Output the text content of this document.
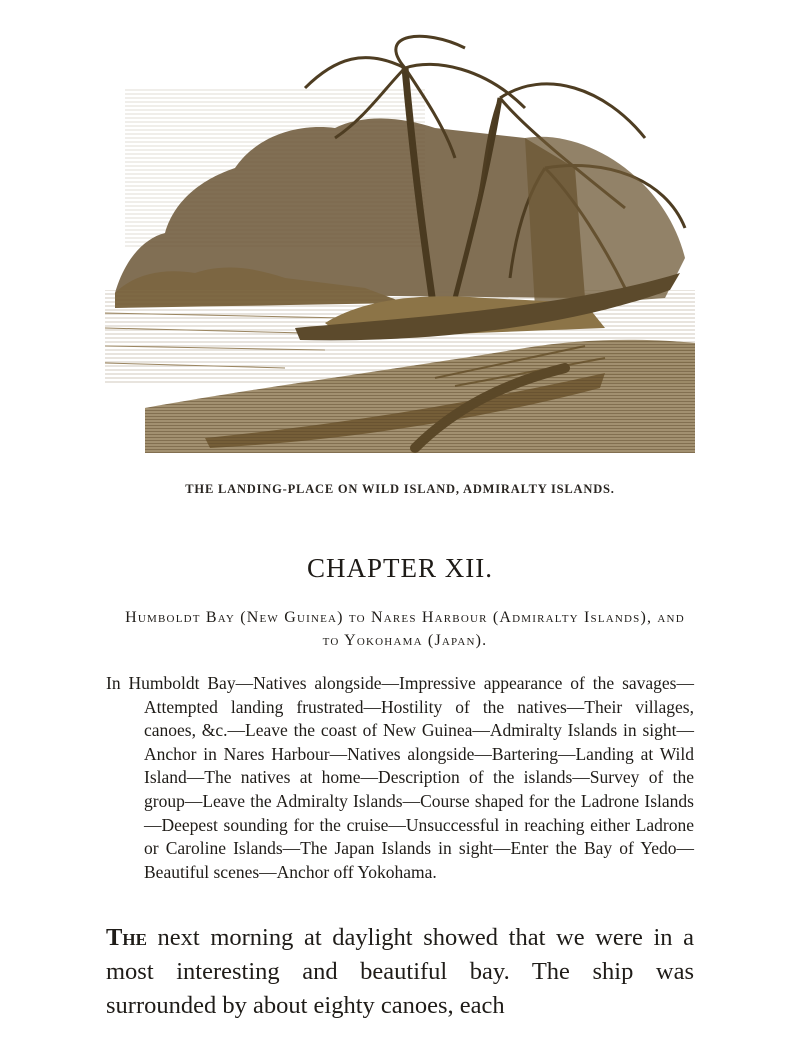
THE LANDING-PLACE ON WILD ISLAND, ADMIRALTY ISLANDS.
CHAPTER XII.
Humboldt Bay (New Guinea) to Nares Harbour (Admiralty Islands), and to Yokohama (Japan).
In Humboldt Bay—Natives alongside—Impressive appearance of the savages—Attempted landing frustrated—Hostility of the natives—Their villages, canoes, &c.—Leave the coast of New Guinea—Admiralty Islands in sight—Anchor in Nares Harbour—Natives alongside—Bartering—Landing at Wild Island—The natives at home—Description of the islands—Survey of the group—Leave the Admiralty Islands—Course shaped for the Ladrone Islands—Deepest sounding for the cruise—Unsuccessful in reaching either Ladrone or Caroline Islands—The Japan Islands in sight—Enter the Bay of Yedo—Beautiful scenes—Anchor off Yokohama.
The next morning at daylight showed that we were in a most interesting and beautiful bay. The ship was surrounded by about eighty canoes, each
